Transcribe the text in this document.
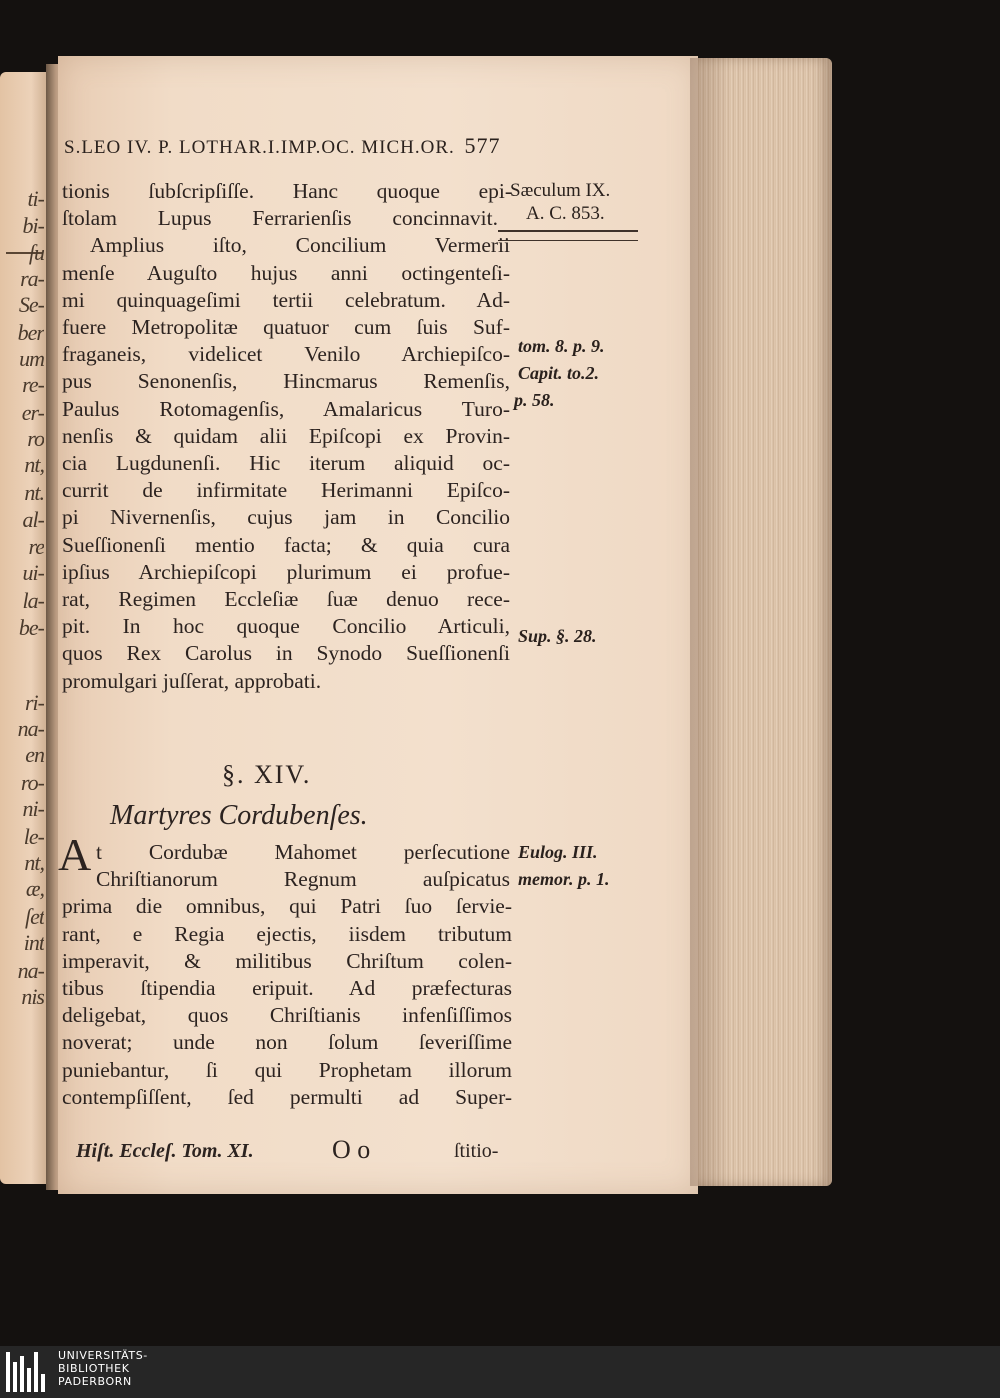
ti-
bi-
ſu
ra-
Se-
ber
um
re-
er-
ro
nt,
nt.
al-
re
ui-
la-
be-
ri-
na-
en
ro-
ni-
le-
nt,
æ,
ſet
int
na-
nis
S.LEO IV. P. LOTHAR.I.IMP.OC. MICH.OR. 577
Sæculum IX.
A. C. 853.
tom. 8. p. 9.
Capit. to.2.
p. 58.
Sup. §. 28.
Eulog. III.
memor. p. 1.
tionis ſubſcripſiſſe. Hanc quoque epi-
ſtolam Lupus Ferrarienſis concinnavit.
Amplius iſto, Concilium Vermerii
menſe Auguſto hujus anni octingenteſi-
mi quinquageſimi tertii celebratum. Ad-
fuere Metropolitæ quatuor cum ſuis Suf-
fraganeis, videlicet Venilo Archiepiſco-
pus Senonenſis, Hincmarus Remenſis,
Paulus Rotomagenſis, Amalaricus Turo-
nenſis & quidam alii Epiſcopi ex Provin-
cia Lugdunenſi. Hic iterum aliquid oc-
currit de infirmitate Herimanni Epiſco-
pi Nivernenſis, cujus jam in Concilio
Sueſſionenſi mentio facta; & quia cura
ipſius Archiepiſcopi plurimum ei profue-
rat, Regimen Eccleſiæ ſuæ denuo rece-
pit. In hoc quoque Concilio Articuli,
quos Rex Carolus in Synodo Sueſſionenſi
promulgari juſſerat, approbati.
§. XIV.
Martyres Cordubenſes.
A t Cordubæ Mahomet perſecutione
Chriſtianorum Regnum auſpicatus
prima die omnibus, qui Patri ſuo ſervie-
rant, e Regia ejectis, iisdem tributum
imperavit, & militibus Chriſtum colen-
tibus ſtipendia eripuit. Ad præfecturas
deligebat, quos Chriſtianis infenſiſſimos
noverat; unde non ſolum ſeveriſſime
puniebantur, ſi qui Prophetam illorum
contempſiſſent, ſed permulti ad Super-
Hiſt. Eccleſ. Tom. XI.	O o	ſtitio-
UNIVERSITÄTS-
BIBLIOTHEK
PADERBORN
